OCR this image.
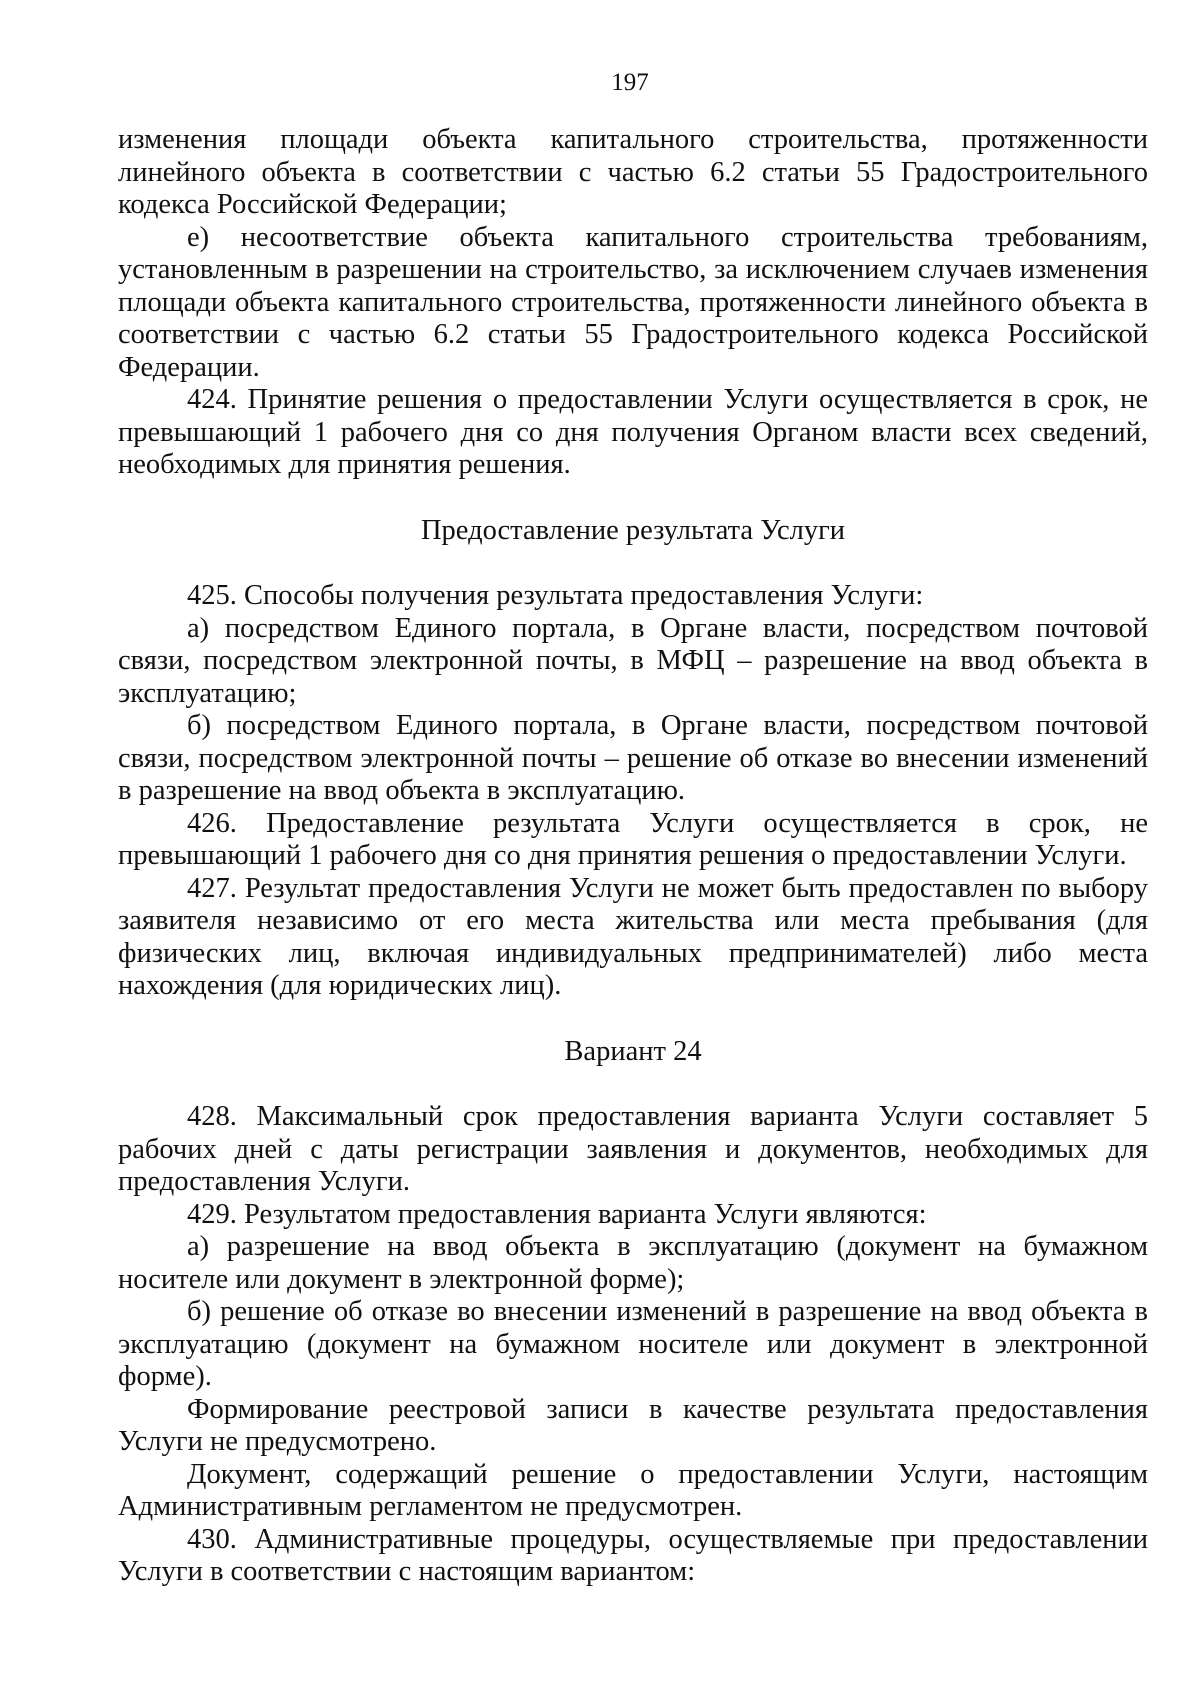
197

изменения площади объекта капитального строительства, протяженности линейного объекта в соответствии с частью 6.2 статьи 55 Градостроительного кодекса Российской Федерации;

е) несоответствие объекта капитального строительства требованиям, установленным в разрешении на строительство, за исключением случаев изменения площади объекта капитального строительства, протяженности линейного объекта в соответствии с частью 6.2 статьи 55 Градостроительного кодекса Российской Федерации.

424. Принятие решения о предоставлении Услуги осуществляется в срок, не превышающий 1 рабочего дня со дня получения Органом власти всех сведений, необходимых для принятия решения.

Предоставление результата Услуги

425. Способы получения результата предоставления Услуги:

а) посредством Единого портала, в Органе власти, посредством почтовой связи, посредством электронной почты, в МФЦ – разрешение на ввод объекта в эксплуатацию;

б) посредством Единого портала, в Органе власти, посредством почтовой связи, посредством электронной почты – решение об отказе во внесении изменений в разрешение на ввод объекта в эксплуатацию.

426. Предоставление результата Услуги осуществляется в срок, не превышающий 1 рабочего дня со дня принятия решения о предоставлении Услуги.

427. Результат предоставления Услуги не может быть предоставлен по выбору заявителя независимо от его места жительства или места пребывания (для физических лиц, включая индивидуальных предпринимателей) либо места нахождения (для юридических лиц).

Вариант 24

428. Максимальный срок предоставления варианта Услуги составляет 5 рабочих дней с даты регистрации заявления и документов, необходимых для предоставления Услуги.

429. Результатом предоставления варианта Услуги являются:

а) разрешение на ввод объекта в эксплуатацию (документ на бумажном носителе или документ в электронной форме);

б) решение об отказе во внесении изменений в разрешение на ввод объекта в эксплуатацию (документ на бумажном носителе или документ в электронной форме).

Формирование реестровой записи в качестве результата предоставления Услуги не предусмотрено.

Документ, содержащий решение о предоставлении Услуги, настоящим Административным регламентом не предусмотрен.

430. Административные процедуры, осуществляемые при предоставлении Услуги в соответствии с настоящим вариантом:
